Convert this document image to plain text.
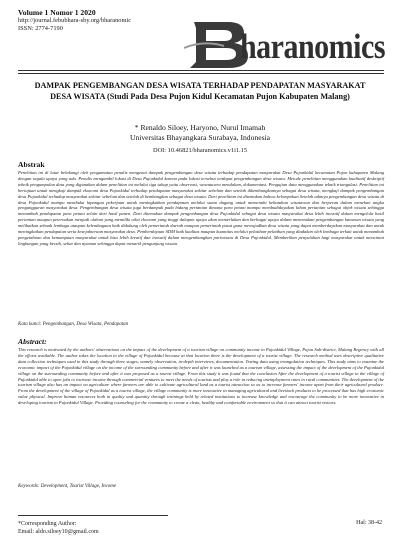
Volume 1 Nomor 1 2020
http://journal.febubhara-sby.org/bharanomic
ISSN: 2774-7190	haranomics
DAMPAK PENGEMBANGAN DESA WISATA TERHADAP PENDAPATAN MASYARAKAT DESA WISATA (Studi Pada Desa Pujon Kidul Kecamatan Pujon Kabupaten Malang)
* Renaldo Siloey, Haryono, Nurul Imamah
Universitas Bhayangkara Surabaya, Indonesia
DOI: 10.46821/bharanomics.v1i1.15
Abstrak
Penelitian ini di latar belakangi oleh pengamatan penulis mengenai dampak pengembangan desa wisata terhadap pendapatan masyarakat Desa Pujonkidul kecamatan Pujon kabupaten Malang dengan segala upaya yang ada. Penulis mengambil lokasi di Desa Pujonkidul karena pada lokasi tersebut terdapat pengembangan desa wisata. Metode penelitian menggunakan kualitatif deskriptif teknik pengumpulan data yang digunakan dalam penelitian ini melalui tiga tahap yaitu observasi, wawancara mendalam, dokumentasi. Pengujian data menggunakan teknik triangulasi. Penelitian ini bertujuan untuk mengkaji dampak ekonomi desa Pujonkidul terhadap pendapatan masyarakat sekitar sebelum dan setelah dikembangkannya sebagai desa wisata, mengkaji dampak pengembangan desa Pujonkidul terhadap masyarakat sekitar sebelum dan setelah di kembangkan sebagai desa wisata. Dari penelitian ini ditemukan bahwa kelompokan Setelah adanya pengembangan desa wisata di desa Pujonkidul mampu membuka lapangan pekerjaan untuk meningkatkan pendapatan melalui suatu dagang untuk memenuhi kebutuhan wisatawan dan berperan dalam menekan angka pengangguran masyarakat desa. Pengembangan desa wisata juga berdampak pada bidang pertanian dimana para petani mampu membudidayakan lahan pertanian sebagai objek wisata sehingga menambah pendapatan para petani selain dari hasil panen. Dari ditemukan dampak pengembangan desa Pujonkidul sebagai desa wisata masyarakat desa lebih inovatif dalam mengelola hasil pertanian maupun peternakan menjadi olahan yang memiliki nilai ekonomi yang tinggi dalapun upaya akan memerlukan dan berbagai upaya dalam menemukan pengembangan kawasan wisata yang melibatkan sebuah lembaga ataupun kelembagaan baik didukung oleh pemerintah daerah maupun pemerintah pusat guna mewujudkan desa wisata yang dapat memberdayakan masyarakat dan untuk meningkatkan pendapatan serta kesejahteraan masyarakat desa. Pemberdayaan SDM baik kualitas maupun kuantitas melalui pelatihan-pelatihan yang diadakan oleh lembaga terkait untuk menambah pengetahuan dan kemampuan masyarakat untuk bisa lebih kreatif dan inovatif dalam mengembangkan pariwisata di Desa Pujonkidul. Memberikan penyuluhan bagi masyarakat untuk mencintai lingkungan yang bersih, sehat dan nyaman sehingga dapat menarik pengunjung wisata.
Kata kunci: Pengembangan, Desa Wisata, Pendapatan
Abstract:
This research is motivated by the authors' observations on the impact of the development of a tourism village on community income in Pujonkidul Village, Pujon Sub-district, Malang Regency with all the efforts available. The author takes the location in the village of Pujonkidul because at that location there is the development of a tourist village. The research method uses descriptive qualitative data collection techniques used in this study through three stages, namely observation, in-depth interviews, documentation. Testing data using triangulation techniques. This study aims to examine the economic impact of the Pujonkidul village on the income of the surrounding community before and after it was launched as a tourism village, assessing the impact of the development of the Pujonkidul village on the surrounding community before and after it was proposed as a tourist village. From this study it was found that the conclusion After the development of a tourist village in the village of Pujonkidul able to open jobs to increase income through commercial ventures to meet the needs of tourists and play a role in reducing unemployment rates in rural communities. The development of the tourism village also has an impact on agriculture where farmers are able to cultivate agricultural land as a tourist attraction so as to increase farmers' income apart from their agricultural produce. From the development of the village of Pujonkidul as a tourist village, the village community is more innovative in managing agricultural and livestock products to be processed that has high economic value physical. Improve human resources both in quality and quantity through trainings held by related institutions to increase knowledge and encourage the community to be more innovative in developing tourism in Pujonkidul Village. Providing counseling for the community to create a clean, healthy and comfortable environment so that it can attract tourist visitors.
Keywords: Development, Tourist Village, Income
*Corresponding Author:
Email: aldo.siloey10@gmail.com
Hal: 38-42
